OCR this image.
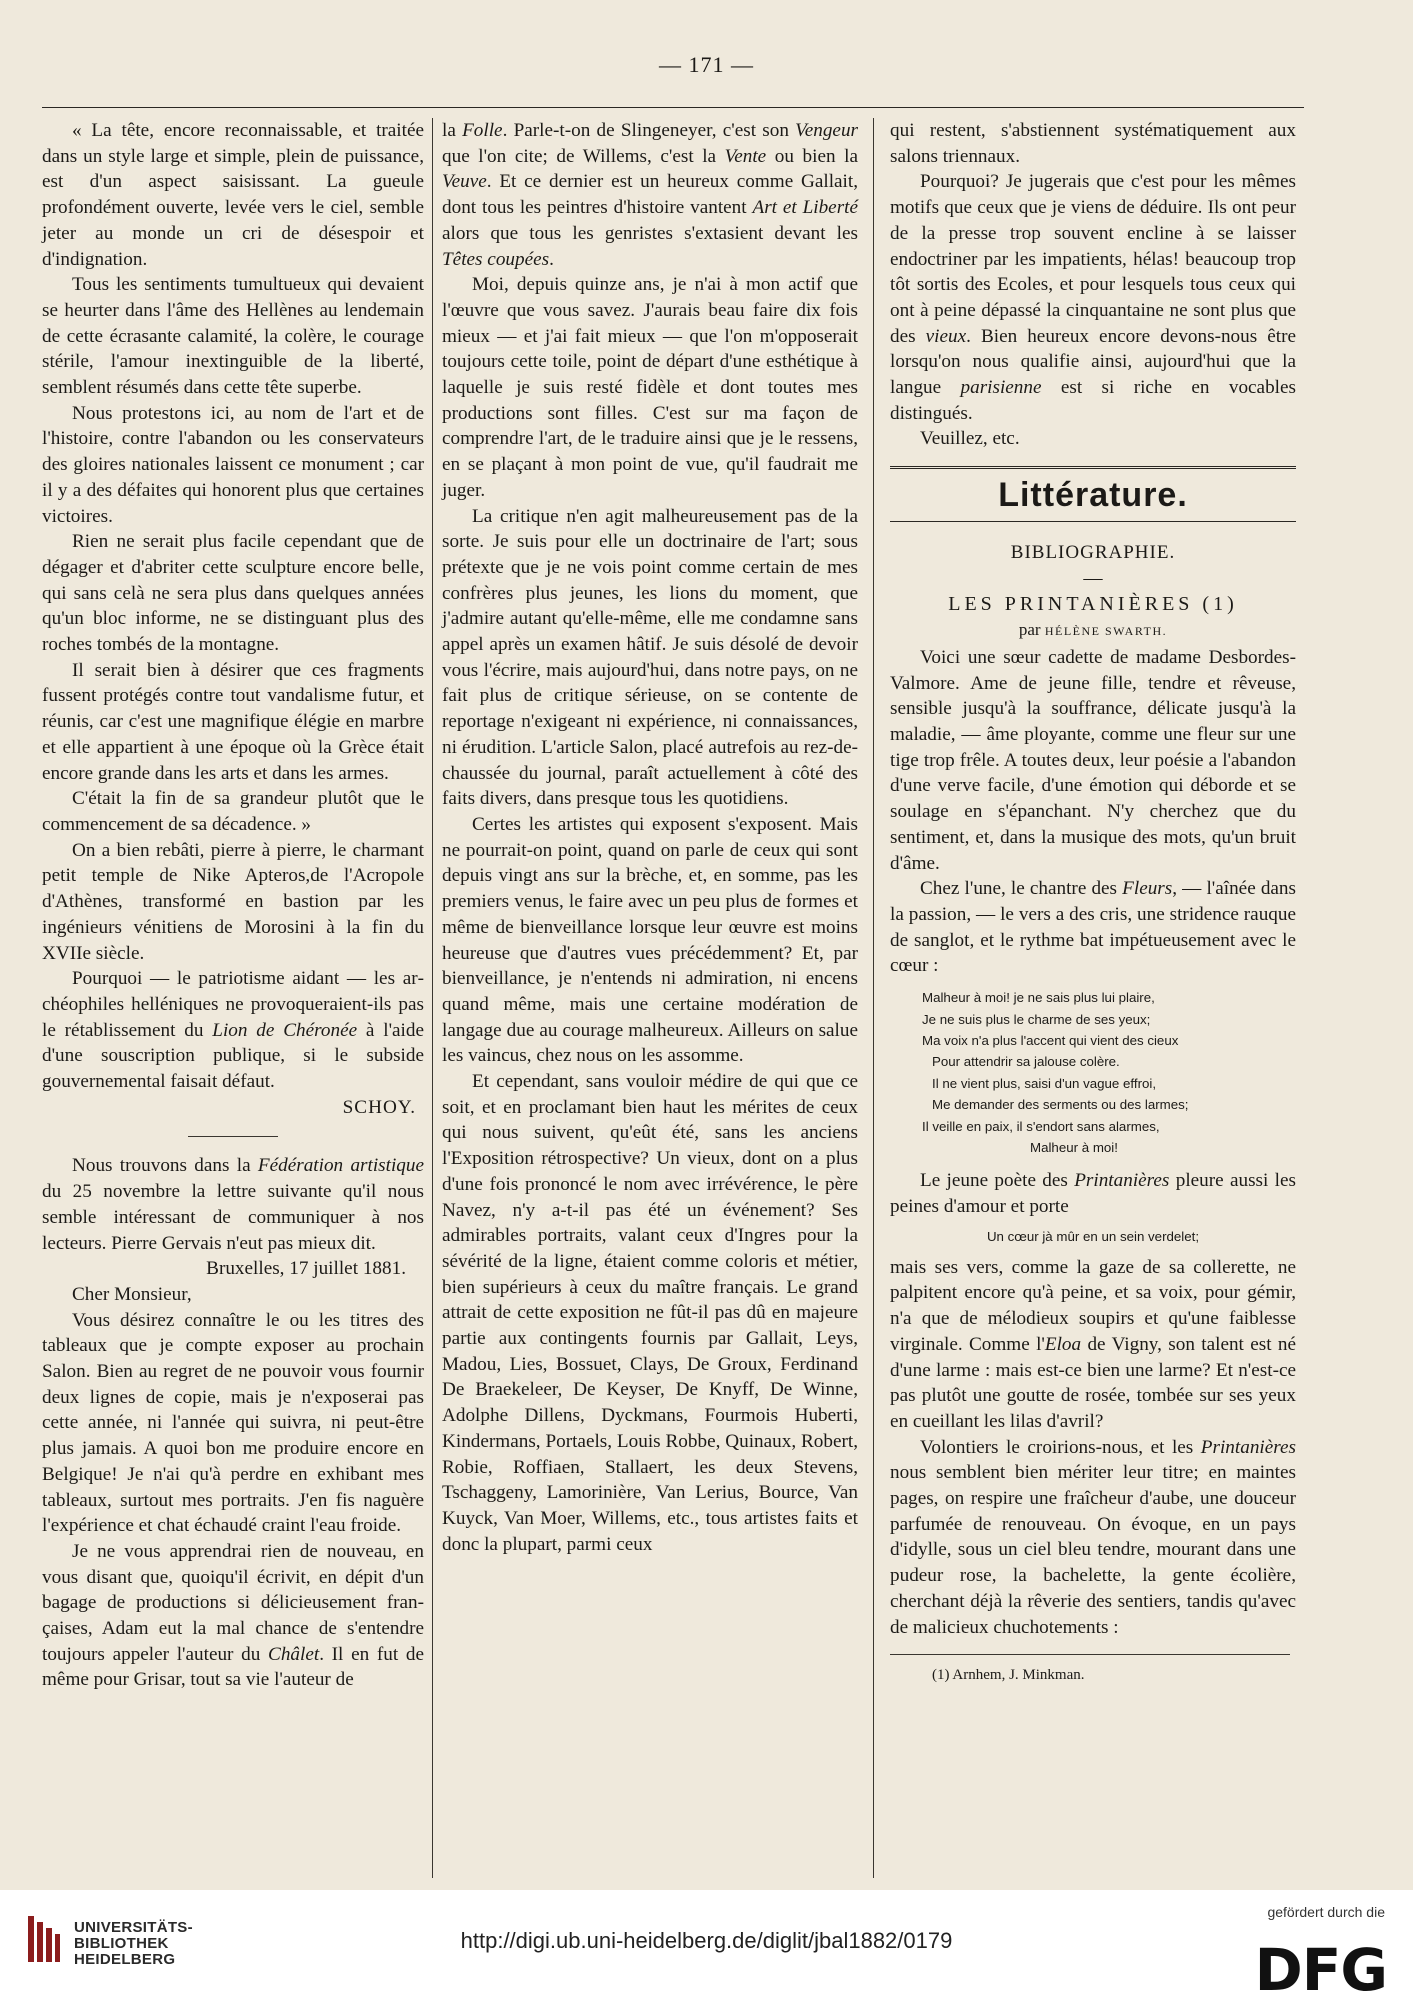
— 171 —

« La tête, encore reconnaissable, et traitée dans un style large et simple, plein de puissance, est d'un aspect saisissant. La gueule profondément ouverte, levée vers le ciel, semble jeter au monde un cri de désespoir et d'indignation.

Tous les sentiments tumultueux qui devaient se heurter dans l'âme des Hellènes au lendemain de cette écrasante calamité, la colère, le courage stérile, l'amour inextinguible de la liberté, semblent résumés dans cette tête superbe.

Nous protestons ici, au nom de l'art et de l'histoire, contre l'abandon ou les conservateurs des gloires nationales laissent ce monument ; car il y a des défaites qui honorent plus que certaines victoires.

Rien ne serait plus facile cependant que de dégager et d'abriter cette sculpture encore belle, qui sans celà ne sera plus dans quelques années qu'un bloc informe, ne se distinguant plus des roches tombés de la montagne.

Il serait bien à désirer que ces fragments fussent protégés contre tout vandalisme futur, et réunis, car c'est une magnifique élégie en marbre et elle appartient à une époque où la Grèce était encore grande dans les arts et dans les armes.

C'était la fin de sa grandeur plutôt que le commencement de sa décadence. »

On a bien rebâti, pierre à pierre, le charmant petit temple de Nike Apteros,de l'Acropole d'Athènes, transformé en bastion par les ingénieurs vénitiens de Morosini à la fin du XVIIe siècle.

Pourquoi — le patriotisme aidant — les archéophiles helléniques ne provoqueraient-ils pas le rétablissement du Lion de Chéronée à l'aide d'une souscription publique, si le subside gouvernemental faisait défaut.

SCHOY.

Nous trouvons dans la Fédération artistique du 25 novembre la lettre suivante qu'il nous semble intéressant de communiquer à nos lecteurs. Pierre Gervais n'eut pas mieux dit.

Bruxelles, 17 juillet 1881.

Cher Monsieur,

Vous désirez connaître le ou les titres des tableaux que je compte exposer au prochain Salon. Bien au regret de ne pouvoir vous fournir deux lignes de copie, mais je n'exposerai pas cette année, ni l'année qui suivra, ni peut-être plus jamais. A quoi bon me produire encore en Belgique! Je n'ai qu'à perdre en exhibant mes tableaux, surtout mes portraits. J'en fis naguère l'expérience et chat échaudé craint l'eau froide.

Je ne vous apprendrai rien de nouveau, en vous disant que, quoiqu'il écrivit, en dépit d'un bagage de productions si délicieusement françaises, Adam eut la mal chance de s'entendre toujours appeler l'auteur du Châlet. Il en fut de même pour Grisar, tout sa vie l'auteur de

la Folle. Parle-t-on de Slingeneyer, c'est son Vengeur que l'on cite; de Willems, c'est la Vente ou bien la Veuve. Et ce dernier est un heureux comme Gallait, dont tous les peintres d'histoire vantent Art et Liberté alors que tous les genristes s'extasient devant les Têtes coupées.

Moi, depuis quinze ans, je n'ai à mon actif que l'œuvre que vous savez. J'aurais beau faire dix fois mieux — et j'ai fait mieux — que l'on m'opposerait toujours cette toile, point de départ d'une esthétique à laquelle je suis resté fidèle et dont toutes mes productions sont filles. C'est sur ma façon de comprendre l'art, de le traduire ainsi que je le ressens, en se plaçant à mon point de vue, qu'il faudrait me juger.

La critique n'en agit malheureusement pas de la sorte. Je suis pour elle un doctrinaire de l'art; sous prétexte que je ne vois point comme certain de mes confrères plus jeunes, les lions du moment, que j'admire autant qu'elle-même, elle me condamne sans appel après un examen hâtif. Je suis désolé de devoir vous l'écrire, mais aujourd'hui, dans notre pays, on ne fait plus de critique sérieuse, on se contente de reportage n'exigeant ni expérience, ni connaissances, ni érudition. L'article Salon, placé autrefois au rez-de-chaussée du journal, paraît actuellement à côté des faits divers, dans presque tous les quotidiens.

Certes les artistes qui exposent s'exposent. Mais ne pourrait-on point, quand on parle de ceux qui sont depuis vingt ans sur la brèche, et, en somme, pas les premiers venus, le faire avec un peu plus de formes et même de bienveillance lorsque leur œuvre est moins heureuse que d'autres vues précédemment? Et, par bienveillance, je n'entends ni admiration, ni encens quand même, mais une certaine modération de langage due au courage malheureux. Ailleurs on salue les vaincus, chez nous on les assomme.

Et cependant, sans vouloir médire de qui que ce soit, et en proclamant bien haut les mérites de ceux qui nous suivent, qu'eût été, sans les anciens l'Exposition rétrospective? Un vieux, dont on a plus d'une fois prononcé le nom avec irrévérence, le père Navez, n'y a-t-il pas été un événement? Ses admirables portraits, valant ceux d'Ingres pour la sévérité de la ligne, étaient comme coloris et métier, bien supérieurs à ceux du maître français. Le grand attrait de cette exposition ne fût-il pas dû en majeure partie aux contingents fournis par Gallait, Leys, Madou, Lies, Bossuet, Clays, De Groux, Ferdinand De Braekeleer, De Keyser, De Knyff, De Winne, Adolphe Dillens, Dyckmans, Fourmois Huberti, Kindermans, Portaels, Louis Robbe, Quinaux, Robert, Robie, Roffiaen, Stallaert, les deux Stevens, Tschaggeny, Lamorinière, Van Lerius, Bource, Van Kuyck, Van Moer, Willems, etc., tous artistes faits et donc la plupart, parmi ceux

qui restent, s'abstiennent systématiquement aux salons triennaux.

Pourquoi? Je jugerais que c'est pour les mêmes motifs que ceux que je viens de déduire. Ils ont peur de la presse trop souvent encline à se laisser endoctriner par les impatients, hélas! beaucoup trop tôt sortis des Ecoles, et pour lesquels tous ceux qui ont à peine dépassé la cinquantaine ne sont plus que des vieux. Bien heureux encore devons-nous être lorsqu'on nous qualifie ainsi, aujourd'hui que la langue parisienne est si riche en vocables distingués.

Veuillez, etc.

Littérature.

BIBLIOGRAPHIE.

—

LES PRINTANIÈRES (1)

par HÉLÈNE SWARTH.

Voici une sœur cadette de madame Desbordes-Valmore. Ame de jeune fille, tendre et rêveuse, sensible jusqu'à la souffrance, délicate jusqu'à la maladie, — âme ployante, comme une fleur sur une tige trop frêle. A toutes deux, leur poésie a l'abandon d'une verve facile, d'une émotion qui déborde et se soulage en s'épanchant. N'y cherchez que du sentiment, et, dans la musique des mots, qu'un bruit d'âme.

Chez l'une, le chantre des Fleurs, — l'aînée dans la passion, — le vers a des cris, une stridence rauque de sanglot, et le rythme bat impétueusement avec le cœur :

Malheur à moi! je ne sais plus lui plaire,
Je ne suis plus le charme de ses yeux;
Ma voix n'a plus l'accent qui vient des cieux
Pour attendrir sa jalouse colère.
Il ne vient plus, saisi d'un vague effroi,
Me demander des serments ou des larmes;
Il veille en paix, il s'endort sans alarmes,
Malheur à moi!

Le jeune poète des Printanières pleure aussi les peines d'amour et porte

Un cœur jà mûr en un sein verdelet;

mais ses vers, comme la gaze de sa collerette, ne palpitent encore qu'à peine, et sa voix, pour gémir, n'a que de mélodieux soupirs et qu'une faiblesse virginale. Comme l'Eloa de Vigny, son talent est né d'une larme : mais est-ce bien une larme? Et n'est-ce pas plutôt une goutte de rosée, tombée sur ses yeux en cueillant les lilas d'avril?

Volontiers le croirions-nous, et les Printanières nous semblent bien mériter leur titre; en maintes pages, on respire une fraîcheur d'aube, une douceur parfumée de renouveau. On évoque, en un pays d'idylle, sous un ciel bleu tendre, mourant dans une pudeur rose, la bachelette, la gente écolière, cherchant déjà la rêverie des sentiers, tandis qu'avec de malicieux chuchotements :

(1) Arnhem, J. Minkman.

UNIVERSITÄTS-
BIBLIOTHEK
HEIDELBERG
http://digi.ub.uni-heidelberg.de/diglit/jbal1882/0179
gefördert durch die
DFG
